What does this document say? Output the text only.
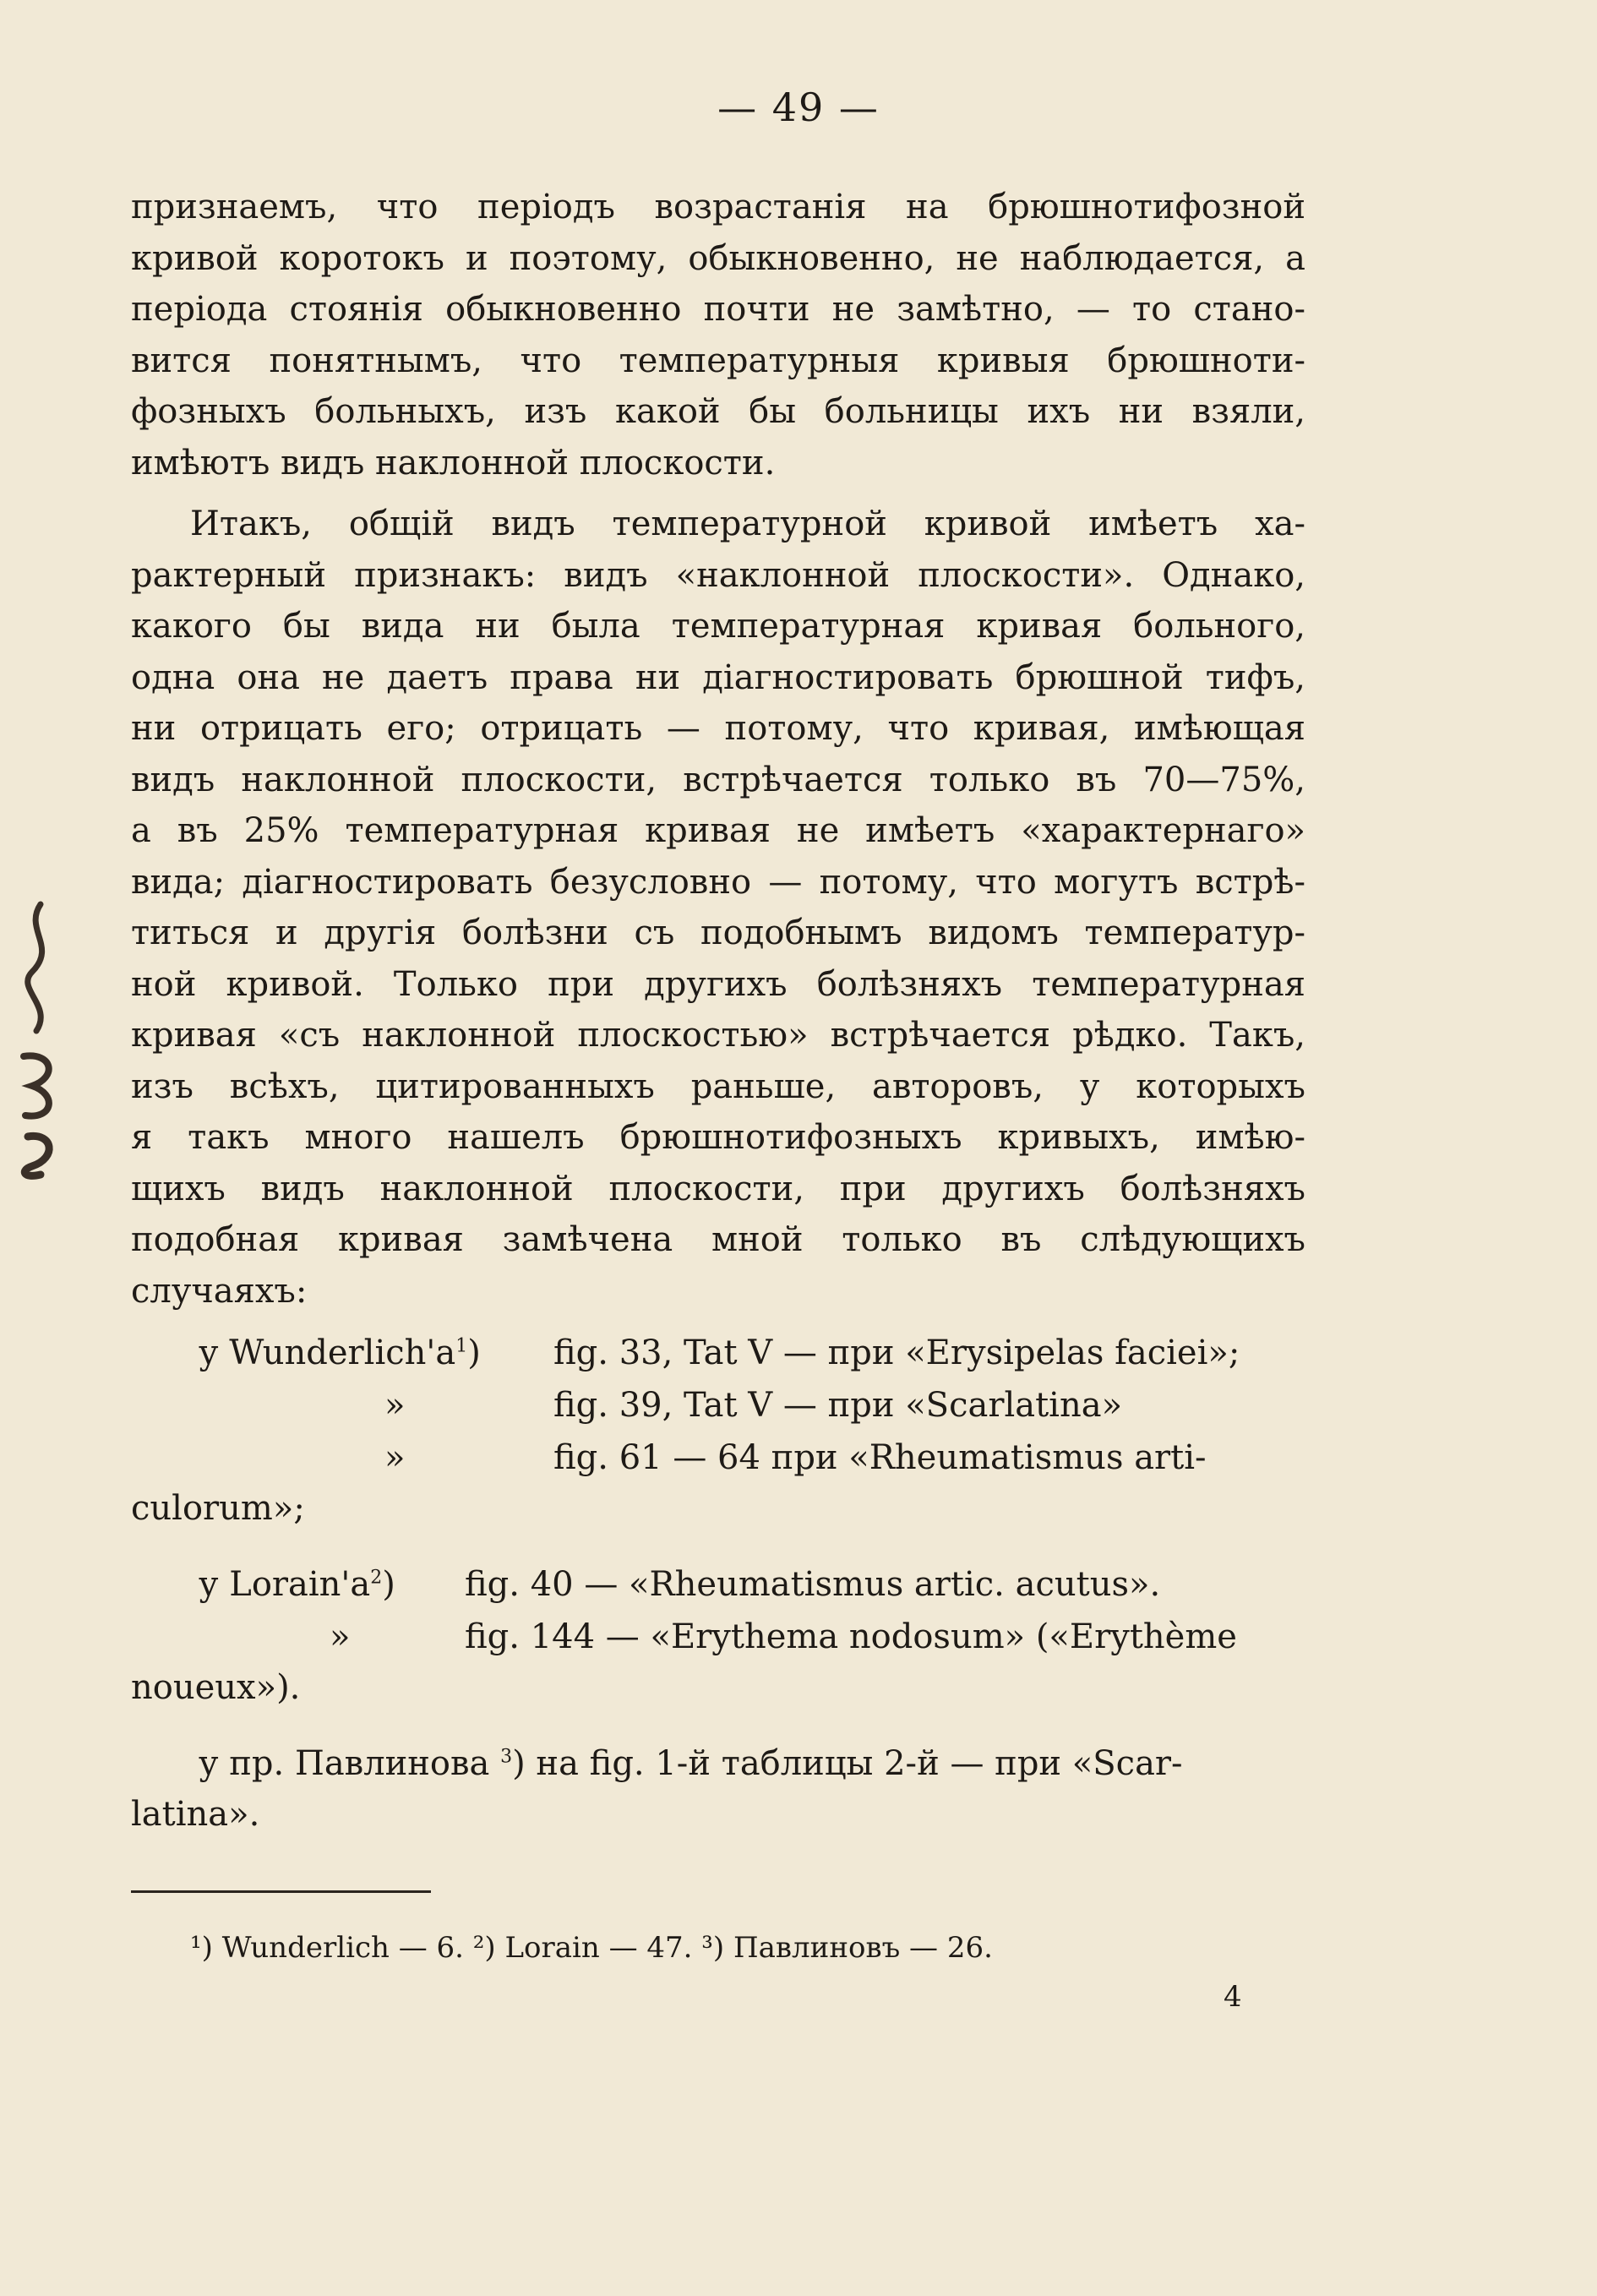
— 49 —
признаемъ, что періодъ возрастанія на брюшнотифозной
кривой коротокъ и поэтому, обыкновенно, не наблюдается, а
періода стоянія обыкновенно почти не замѣтно, — то стано-
вится понятнымъ, что температурныя кривыя брюшноти-
фозныхъ больныхъ, изъ какой бы больницы ихъ ни взяли,
имѣютъ видъ наклонной плоскости.
Итакъ, общій видъ температурной кривой имѣетъ ха-
рактерный признакъ: видъ «наклонной плоскости». Однако,
какого бы вида ни была температурная кривая больного,
одна она не даетъ права ни діагностировать брюшной тифъ,
ни отрицать его; отрицать — потому, что кривая, имѣющая
видъ наклонной плоскости, встрѣчается только въ 70—75%,
а въ 25% температурная кривая не имѣетъ «характернаго»
вида; діагностировать безусловно — потому, что могутъ встрѣ-
титься и другія болѣзни съ подобнымъ видомъ температур-
ной кривой. Только при другихъ болѣзняхъ температурная
кривая «съ наклонной плоскостью» встрѣчается рѣдко. Такъ,
изъ всѣхъ, цитированныхъ раньше, авторовъ, у которыхъ
я такъ много нашелъ брюшнотифозныхъ кривыхъ, имѣю-
щихъ видъ наклонной плоскости, при другихъ болѣзняхъ
подобная кривая замѣчена мной только въ слѣдующихъ
случаяхъ:
у $Wunderlich'a^1$) fig. 33, Tat V — при «Erysipelas faciei»;
»	fig. 39, Tat V — при «Scarlatina»
»	fig. 61 — 64 при «Rheumatismus arti-
culorum»;
у $Lorain'a^2$) fig. 40 — «Rheumatismus artic. acutus».
»	fig. 144 — «Erythema nodosum» («Erythème
noueux»).
у пр. Павлинова $^3$) на fig. 1-й таблицы 2-й — при «Scar-
latina».
¹) Wunderlich — 6. ²) Lorain — 47. ³) Павлиновъ — 26.
4
